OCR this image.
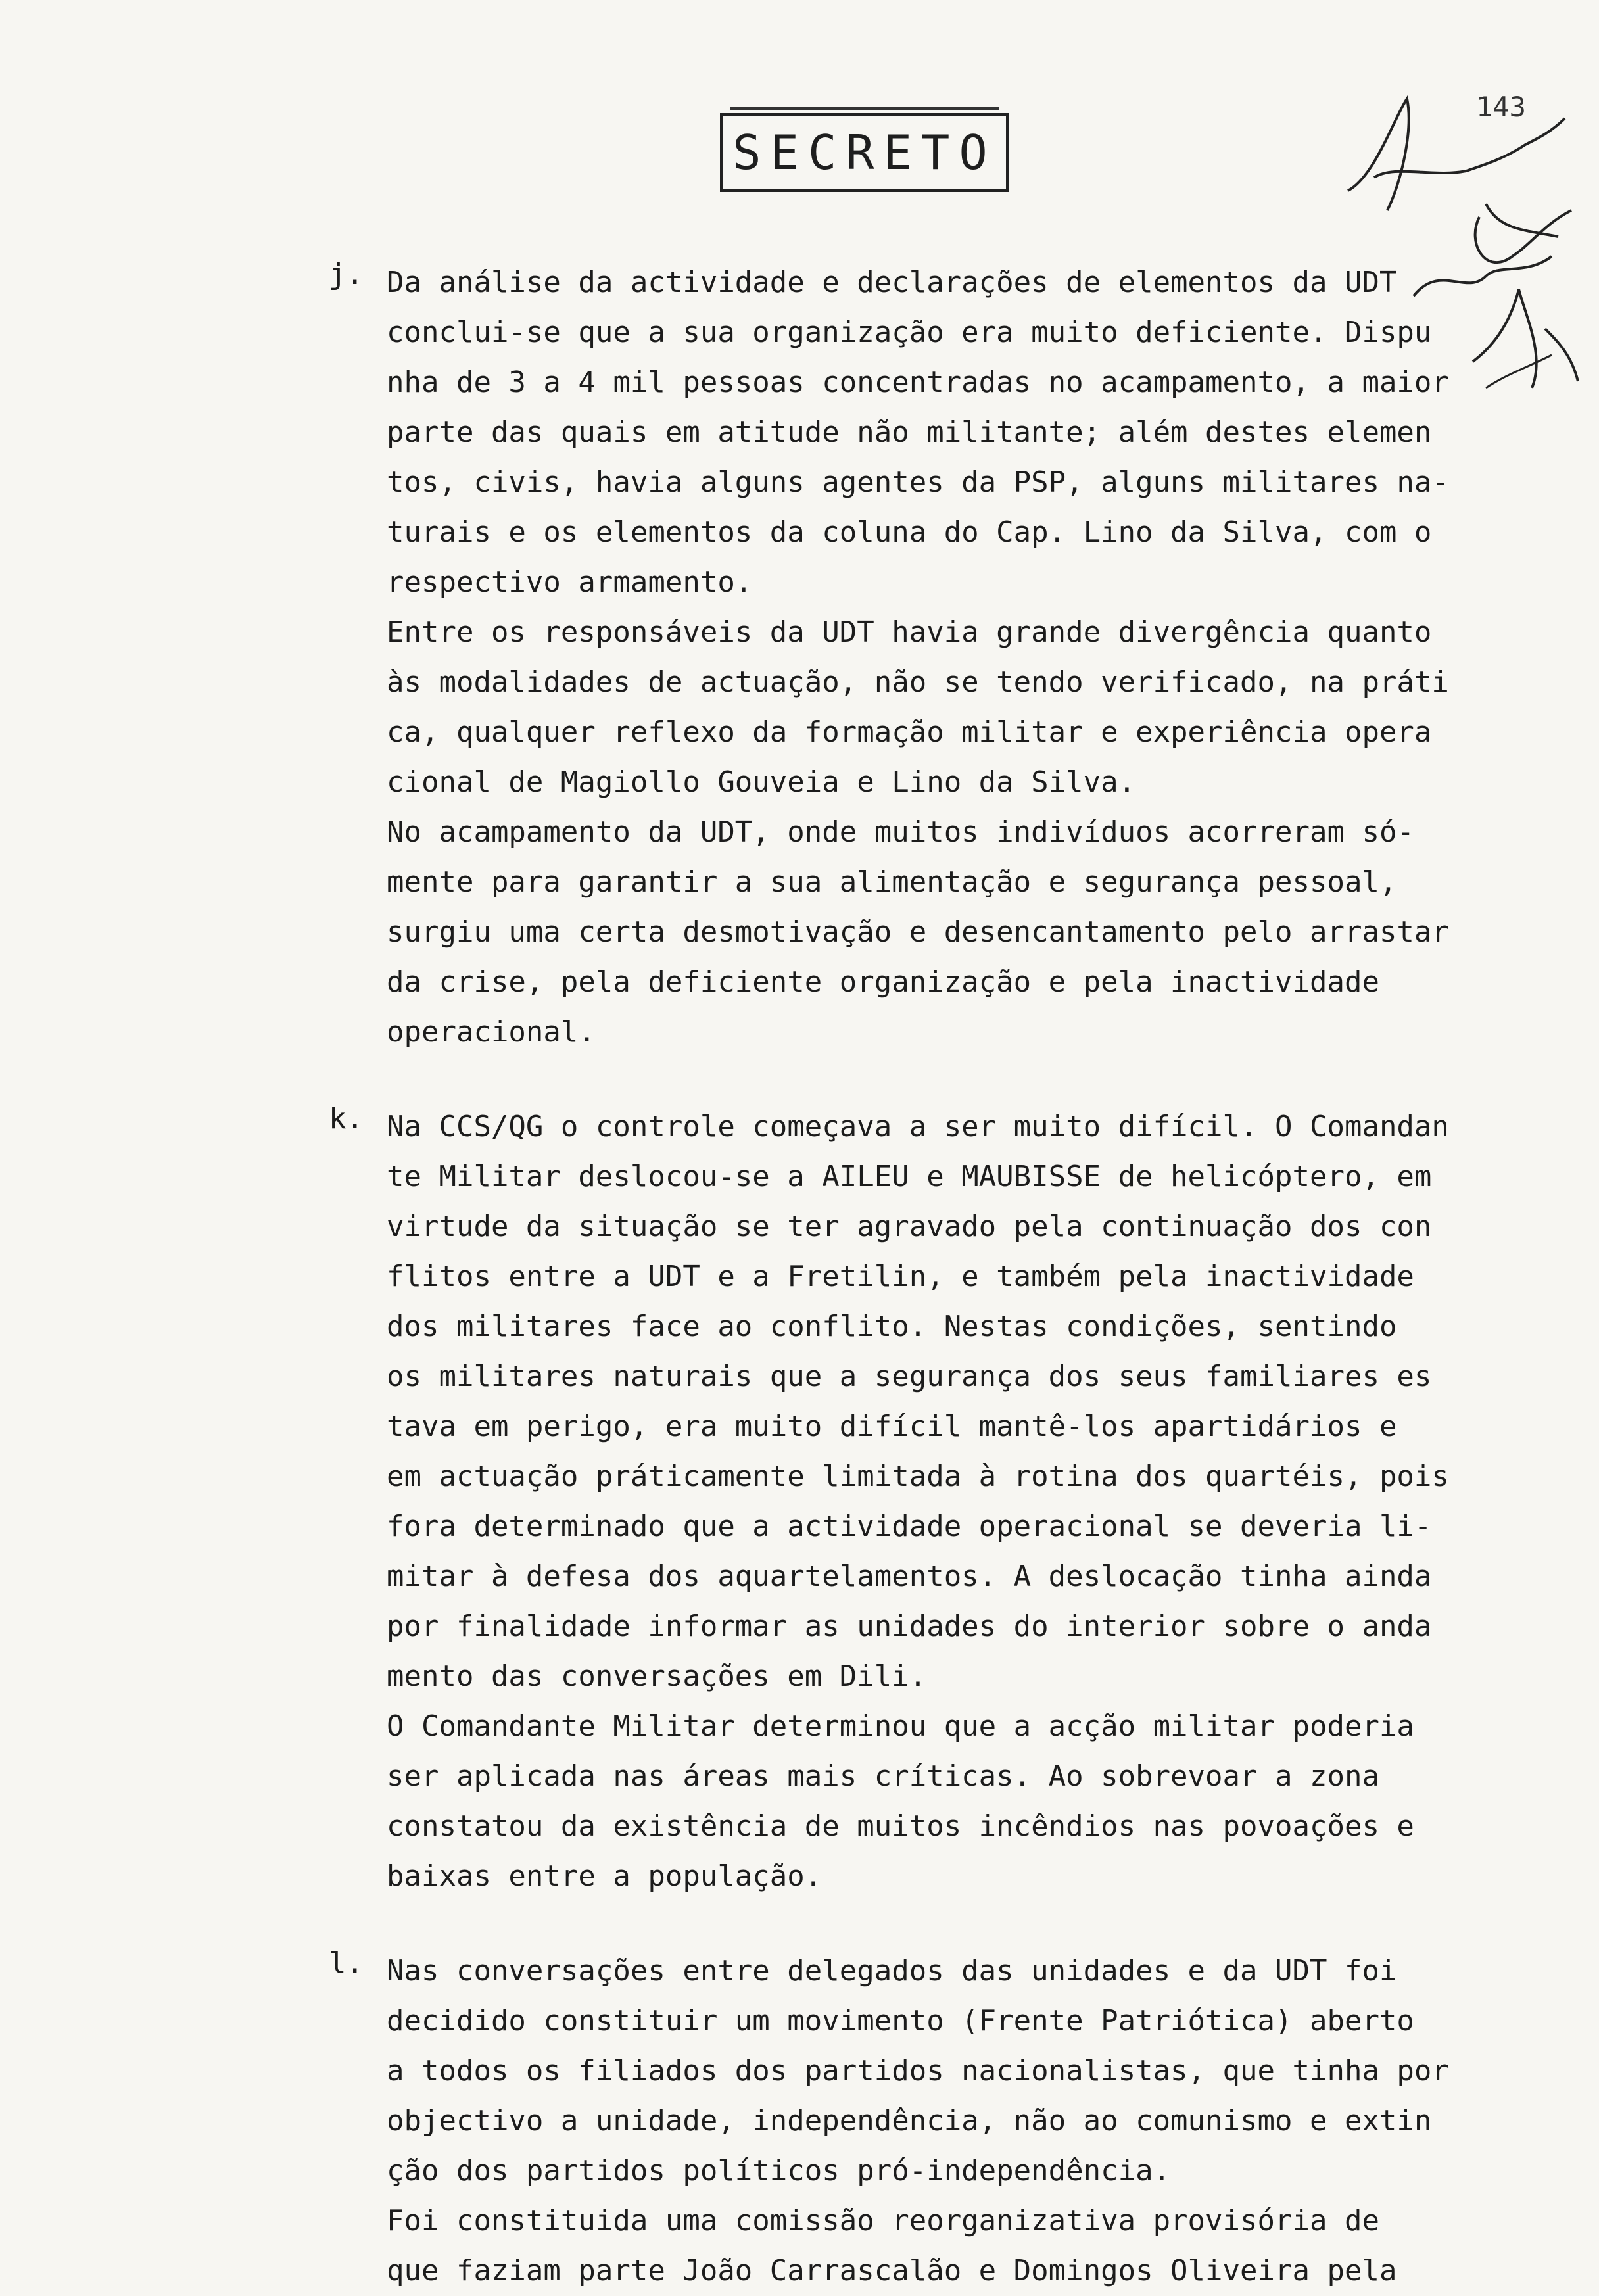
SECRETO
143
j. Da análise da actividade e declarações de elementos da UDT
conclui-se que a sua organização era muito deficiente. Dispu
nha de 3 a 4 mil pessoas concentradas no acampamento, a maior
parte das quais em atitude não militante; além destes elemen
tos, civis, havia alguns agentes da PSP, alguns militares na-
turais e os elementos da coluna do Cap. Lino da Silva, com o
respectivo armamento.
Entre os responsáveis da UDT havia grande divergência quanto
às modalidades de actuação, não se tendo verificado, na práti
ca, qualquer reflexo da formação militar e experiência opera
cional de Magiollo Gouveia e Lino da Silva.
No acampamento da UDT, onde muitos indivíduos acorreram só-
mente para garantir a sua alimentação e segurança pessoal,
surgiu uma certa desmotivação e desencantamento pelo arrastar
da crise, pela deficiente organização e pela inactividade
operacional.
k. Na CCS/QG o controle começava a ser muito difícil. O Comandan
te Militar deslocou-se a AILEU e MAUBISSE de helicóptero, em
virtude da situação se ter agravado pela continuação dos con
flitos entre a UDT e a Fretilin, e também pela inactividade
dos militares face ao conflito. Nestas condições, sentindo
os militares naturais que a segurança dos seus familiares es
tava em perigo, era muito difícil mantê-los apartidários e
em actuação práticamente limitada à rotina dos quartéis, pois
fora determinado que a actividade operacional se deveria li-
mitar à defesa dos aquartelamentos. A deslocação tinha ainda
por finalidade informar as unidades do interior sobre o anda
mento das conversações em Dili.
O Comandante Militar determinou que a acção militar poderia
ser aplicada nas áreas mais críticas. Ao sobrevoar a zona
constatou da existência de muitos incêndios nas povoações e
baixas entre a população.
l. Nas conversações entre delegados das unidades e da UDT foi
decidido constituir um movimento (Frente Patriótica) aberto
a todos os filiados dos partidos nacionalistas, que tinha por
objectivo a unidade, independência, não ao comunismo e extin
ção dos partidos políticos pró-independência.
Foi constituida uma comissão reorganizativa provisória de
que faziam parte João Carrascalão e Domingos Oliveira pela
